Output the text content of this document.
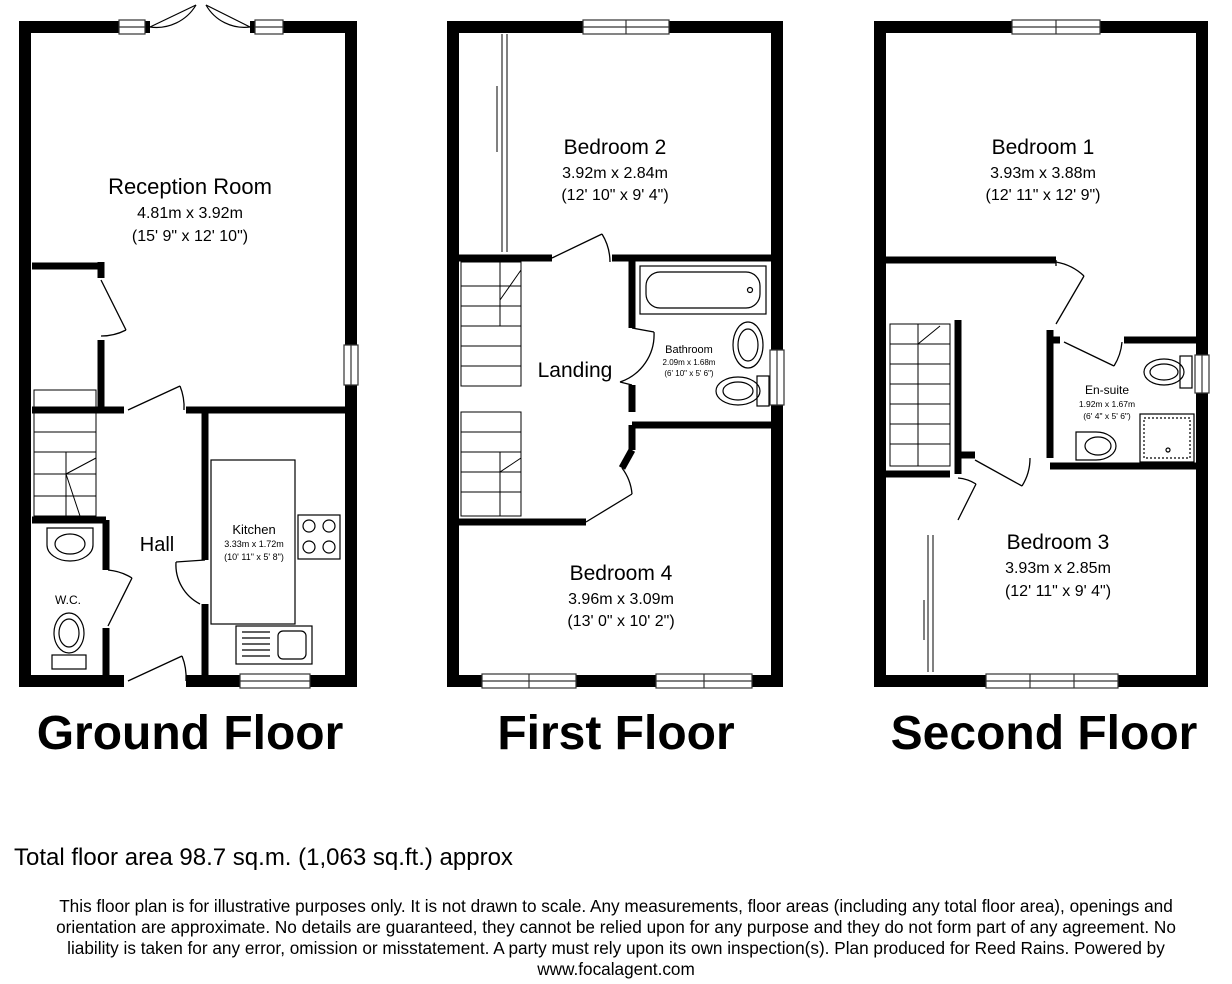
Reception Room
4.81m x 3.92m
(15' 9" x 12' 10")
Kitchen
3.33m x 1.72m
(10' 11" x 5' 8")
Hall
W.C.
Bedroom 2
3.92m x 2.84m
(12' 10" x 9' 4")
Landing
Bathroom
2.09m x 1.68m
(6' 10" x 5' 6")
Bedroom 4
3.96m x 3.09m
(13' 0" x 10' 2")
Bedroom 1
3.93m x 3.88m
(12' 11" x 12' 9")
En-suite
1.92m x 1.67m
(6' 4" x 5' 6")
Bedroom 3
3.93m x 2.85m
(12' 11" x 9' 4")
Ground Floor	First Floor	Second Floor
Total floor area 98.7 sq.m. (1,063 sq.ft.) approx
This floor plan is for illustrative purposes only. It is not drawn to scale. Any measurements, floor areas (including any total floor area), openings and
orientation are approximate. No details are guaranteed, they cannot be relied upon for any purpose and they do not form part of any agreement. No
liability is taken for any error, omission or misstatement. A party must rely upon its own inspection(s). Plan produced for Reed Rains. Powered by
www.focalagent.com
